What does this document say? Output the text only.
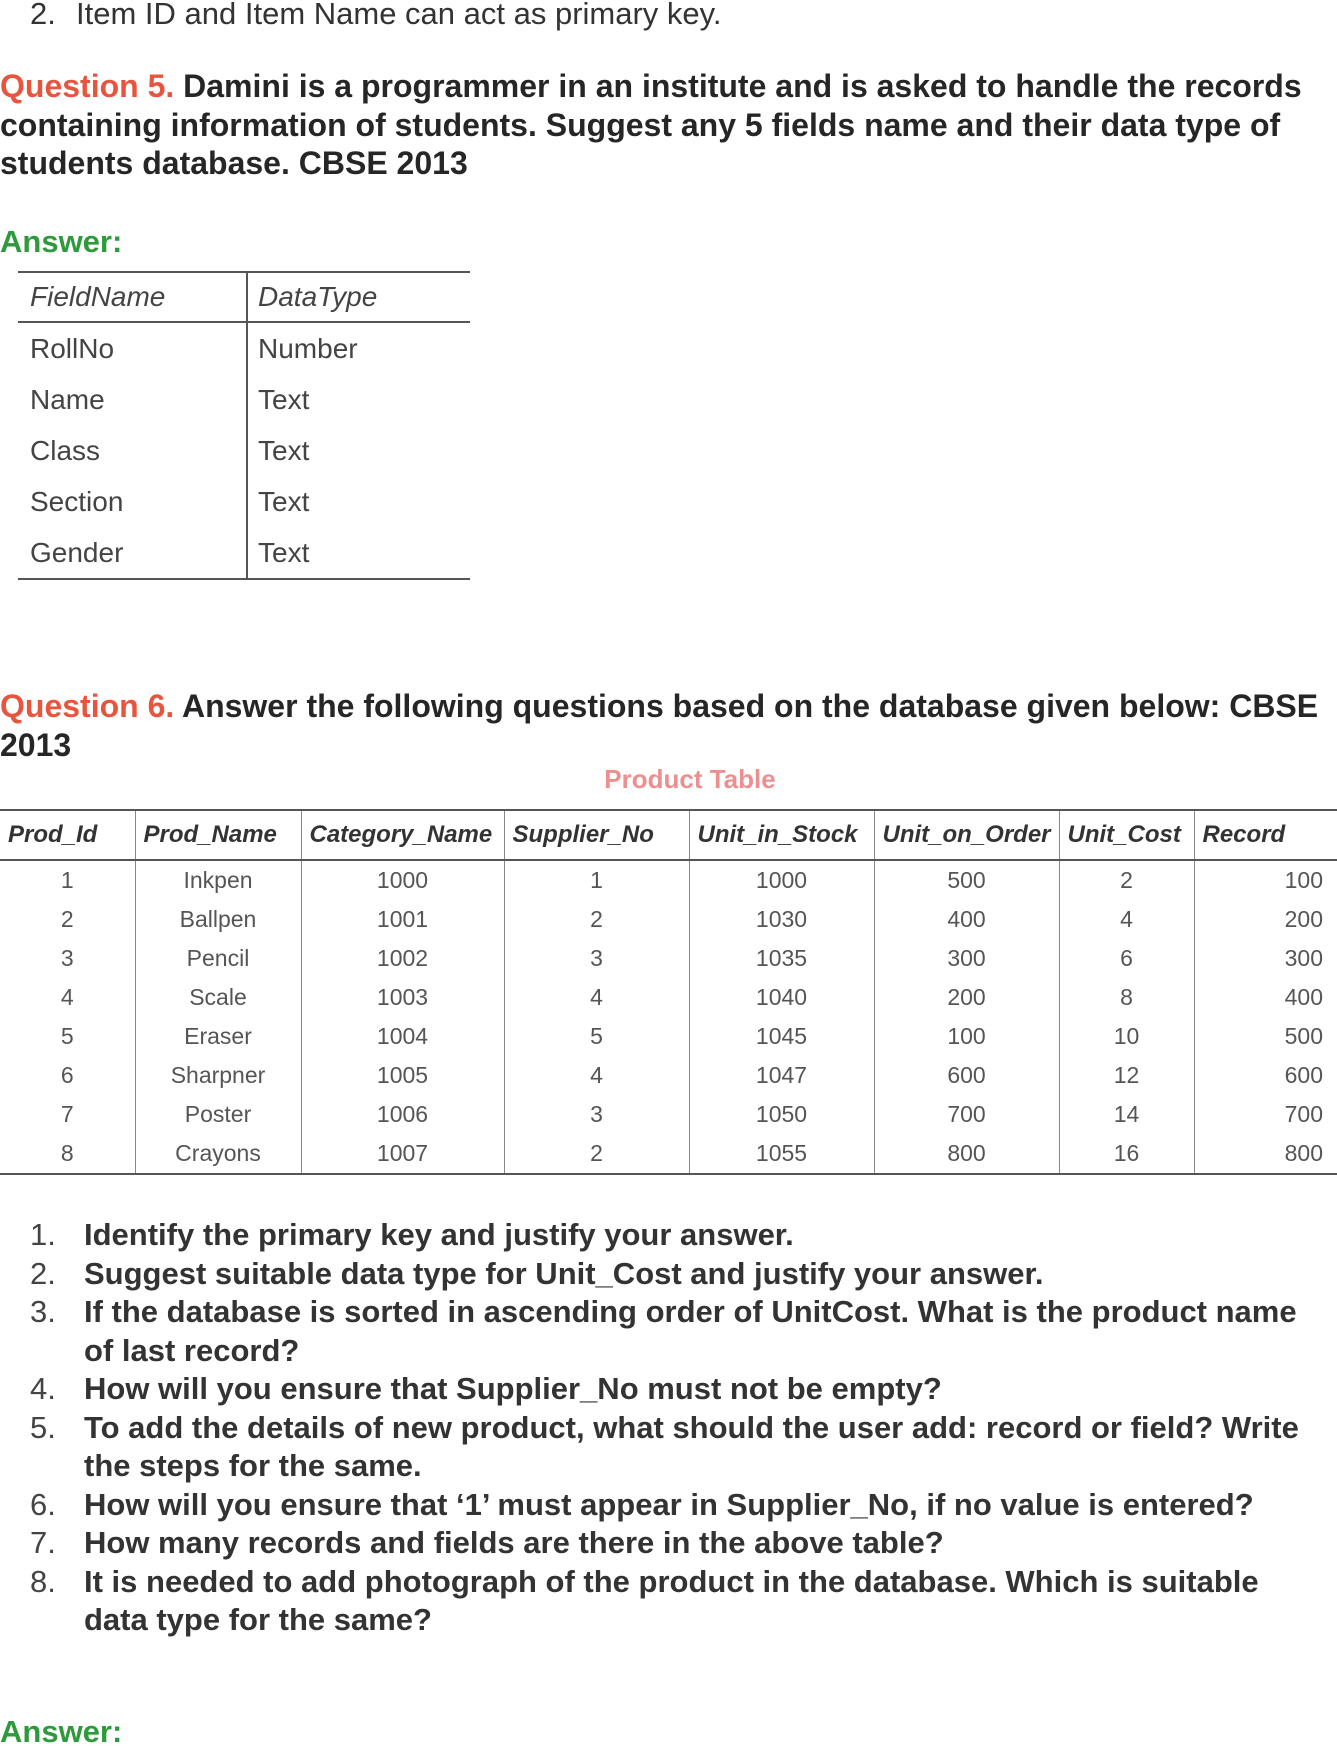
2. Item ID and Item Name can act as primary key.
Question 5. Damini is a programmer in an institute and is asked to handle the records containing information of students. Suggest any 5 fields name and their data type of students database. CBSE 2013
Answer:
FieldName	DataType
RollNo	Number
Name	Text
Class	Text
Section	Text
Gender	Text
Question 6. Answer the following questions based on the database given below: CBSE 2013
Product Table
Prod_Id	Prod_Name	Category_Name	Supplier_No	Unit_in_Stock	Unit_on_Order	Unit_Cost	Record
1	Inkpen	1000	1	1000	500	2	100
2	Ballpen	1001	2	1030	400	4	200
3	Pencil	1002	3	1035	300	6	300
4	Scale	1003	4	1040	200	8	400
5	Eraser	1004	5	1045	100	10	500
6	Sharpner	1005	4	1047	600	12	600
7	Poster	1006	3	1050	700	14	700
8	Crayons	1007	2	1055	800	16	800
1. Identify the primary key and justify your answer.
2. Suggest suitable data type for Unit_Cost and justify your answer.
3. If the database is sorted in ascending order of UnitCost. What is the product name of last record?
4. How will you ensure that Supplier_No must not be empty?
5. To add the details of new product, what should the user add: record or field? Write the steps for the same.
6. How will you ensure that ‘1’ must appear in Supplier_No, if no value is entered?
7. How many records and fields are there in the above table?
8. It is needed to add photograph of the product in the database. Which is suitable data type for the same?
Answer:
